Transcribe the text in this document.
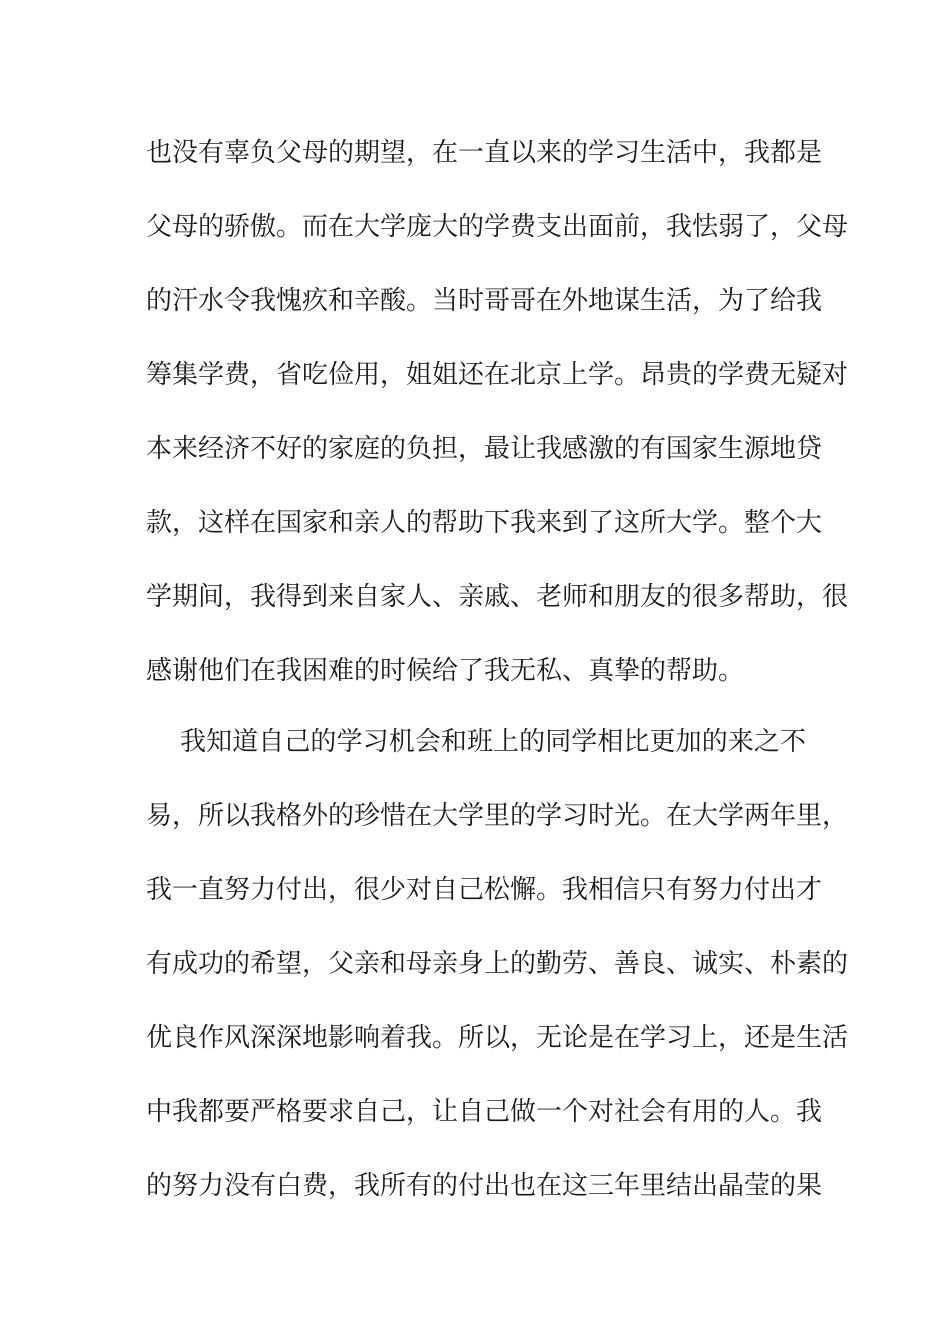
也没有辜负父母的期望，在一直以来的学习生活中，我都是
父母的骄傲。而在大学庞大的学费支出面前，我怯弱了，父母
的汗水令我愧疚和辛酸。当时哥哥在外地谋生活，为了给我
筹集学费，省吃俭用，姐姐还在北京上学。昂贵的学费无疑对
本来经济不好的家庭的负担，最让我感激的有国家生源地贷
款，这样在国家和亲人的帮助下我来到了这所大学。整个大
学期间，我得到来自家人、亲戚、老师和朋友的很多帮助，很
感谢他们在我困难的时候给了我无私、真挚的帮助。
我知道自己的学习机会和班上的同学相比更加的来之不
易，所以我格外的珍惜在大学里的学习时光。在大学两年里，
我一直努力付出，很少对自己松懈。我相信只有努力付出才
有成功的希望，父亲和母亲身上的勤劳、善良、诚实、朴素的
优良作风深深地影响着我。所以，无论是在学习上，还是生活
中我都要严格要求自己，让自己做一个对社会有用的人。我
的努力没有白费，我所有的付出也在这三年里结出晶莹的果
